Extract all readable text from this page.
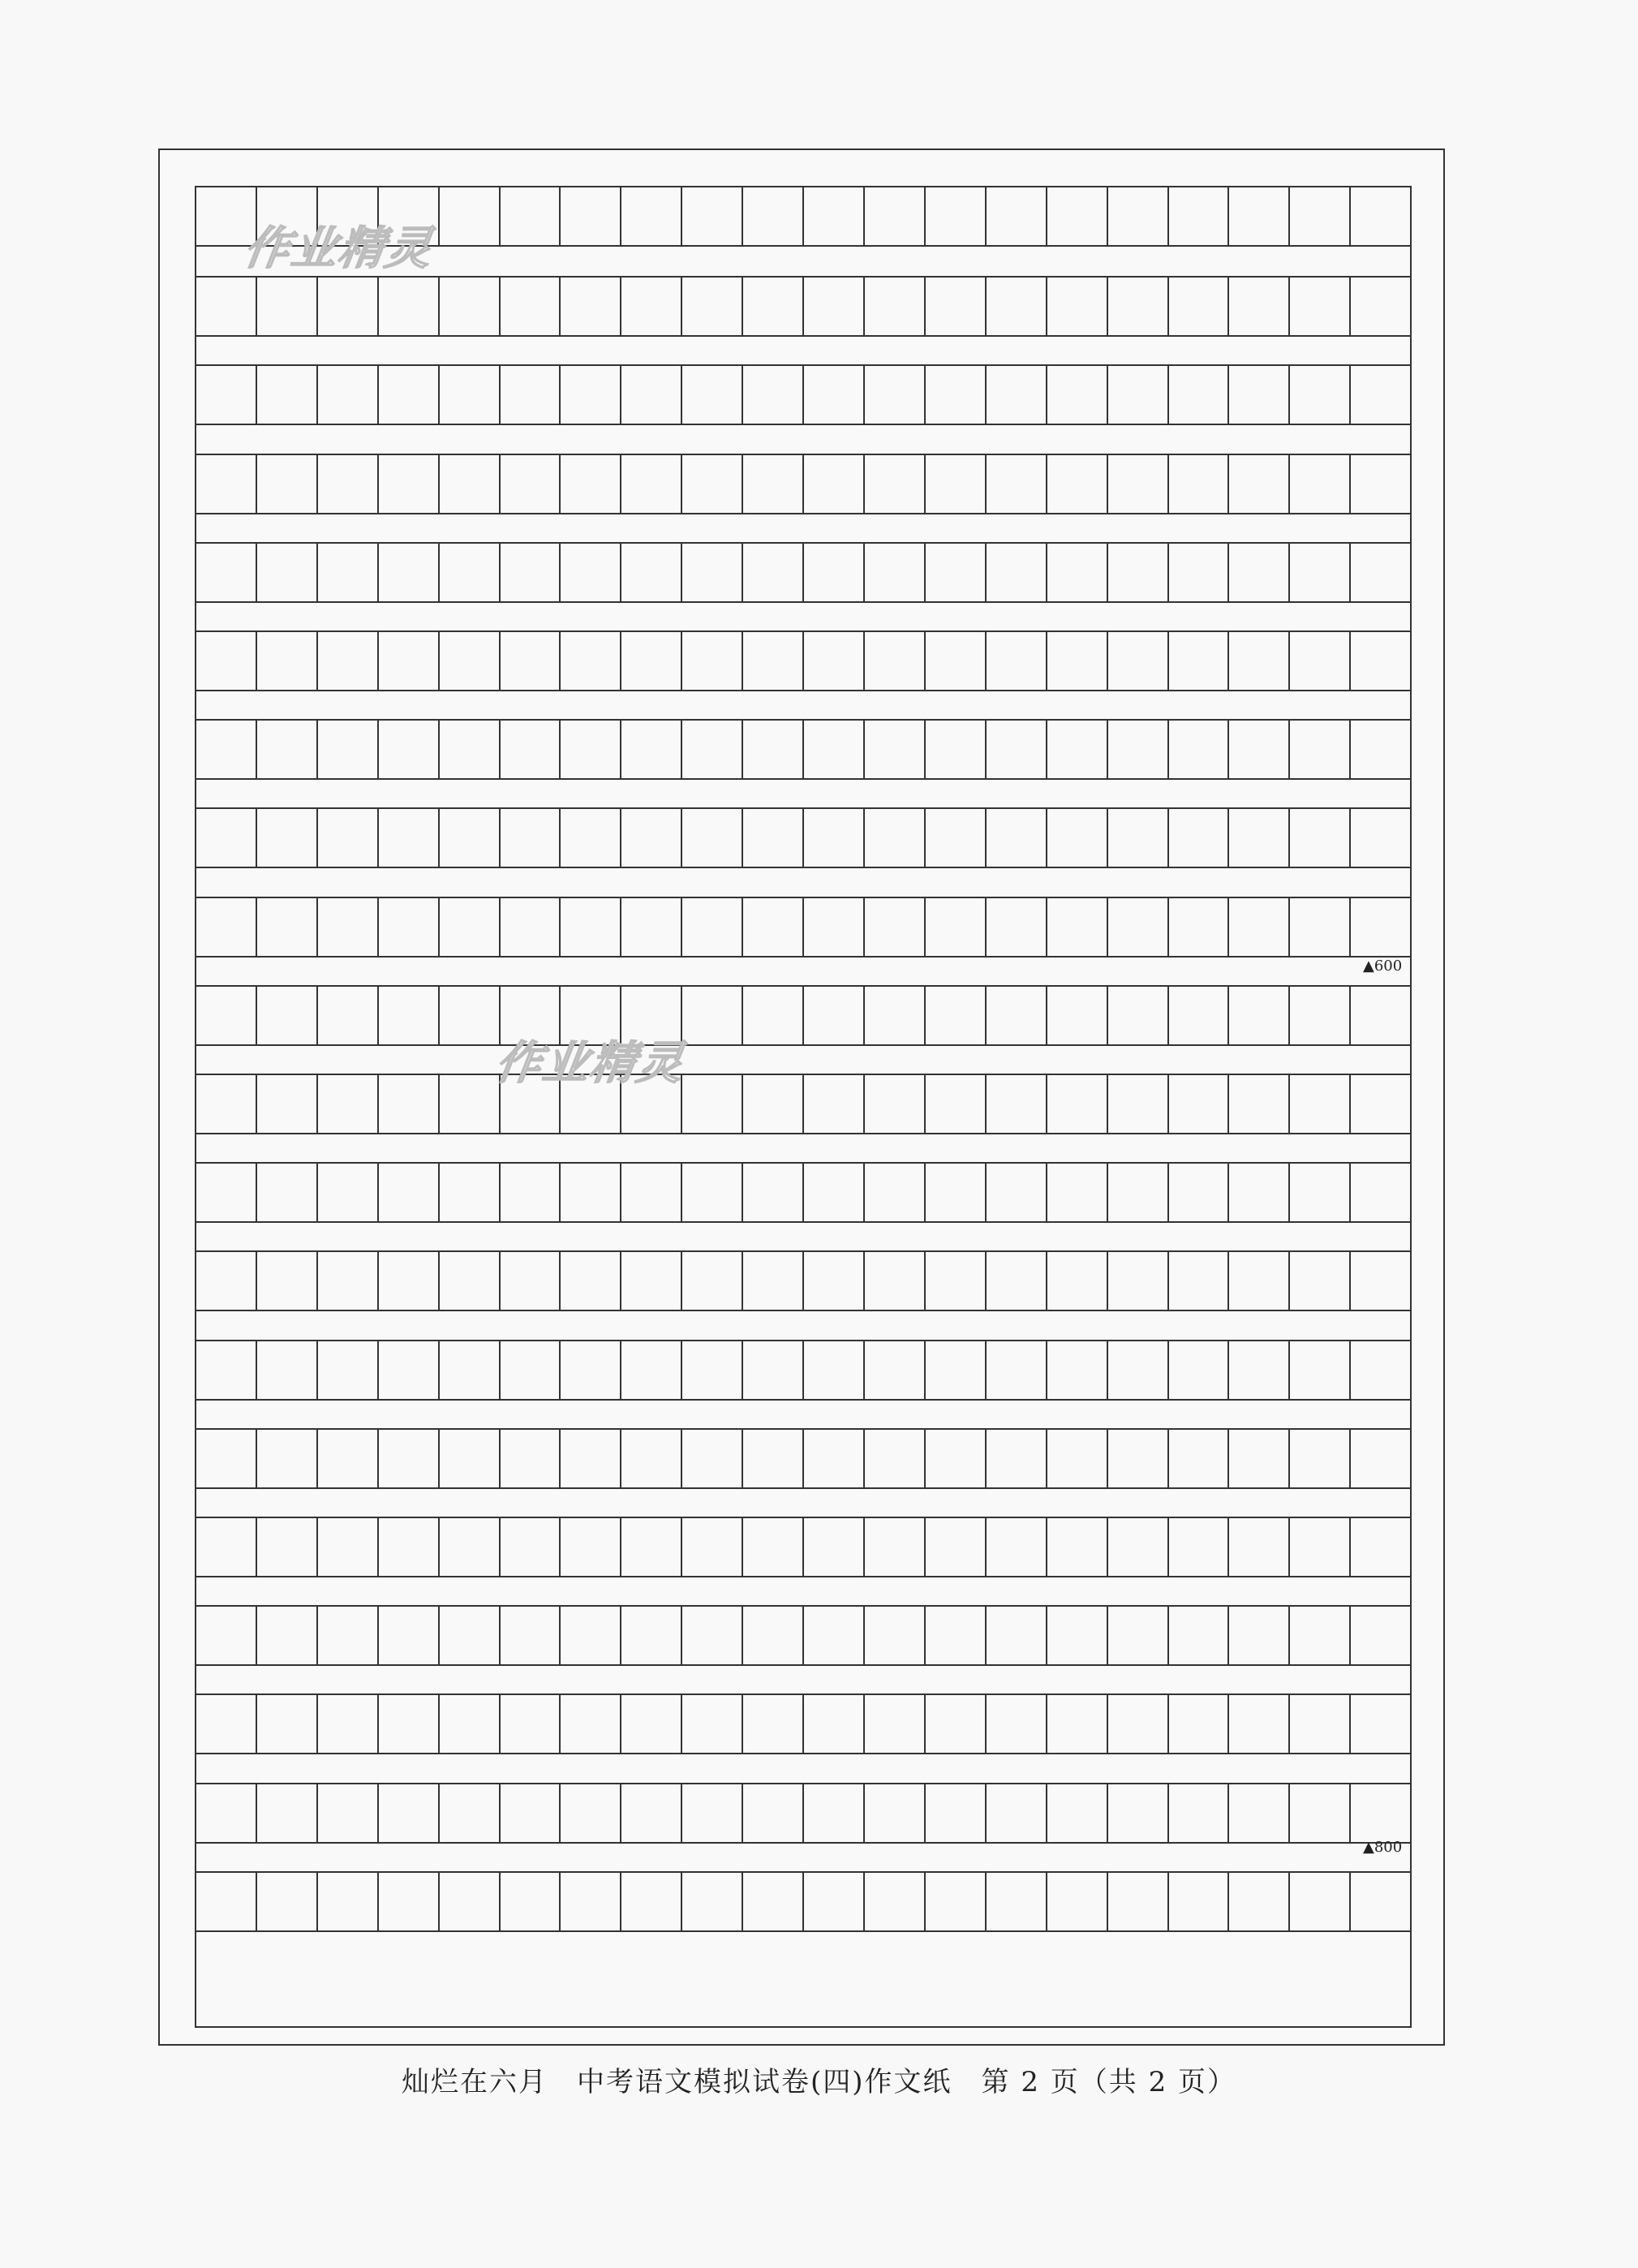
作业精灵
作业精灵
▲600
▲800
灿烂在六月　中考语文模拟试卷(四)作文纸　第 2 页（共 2 页）
